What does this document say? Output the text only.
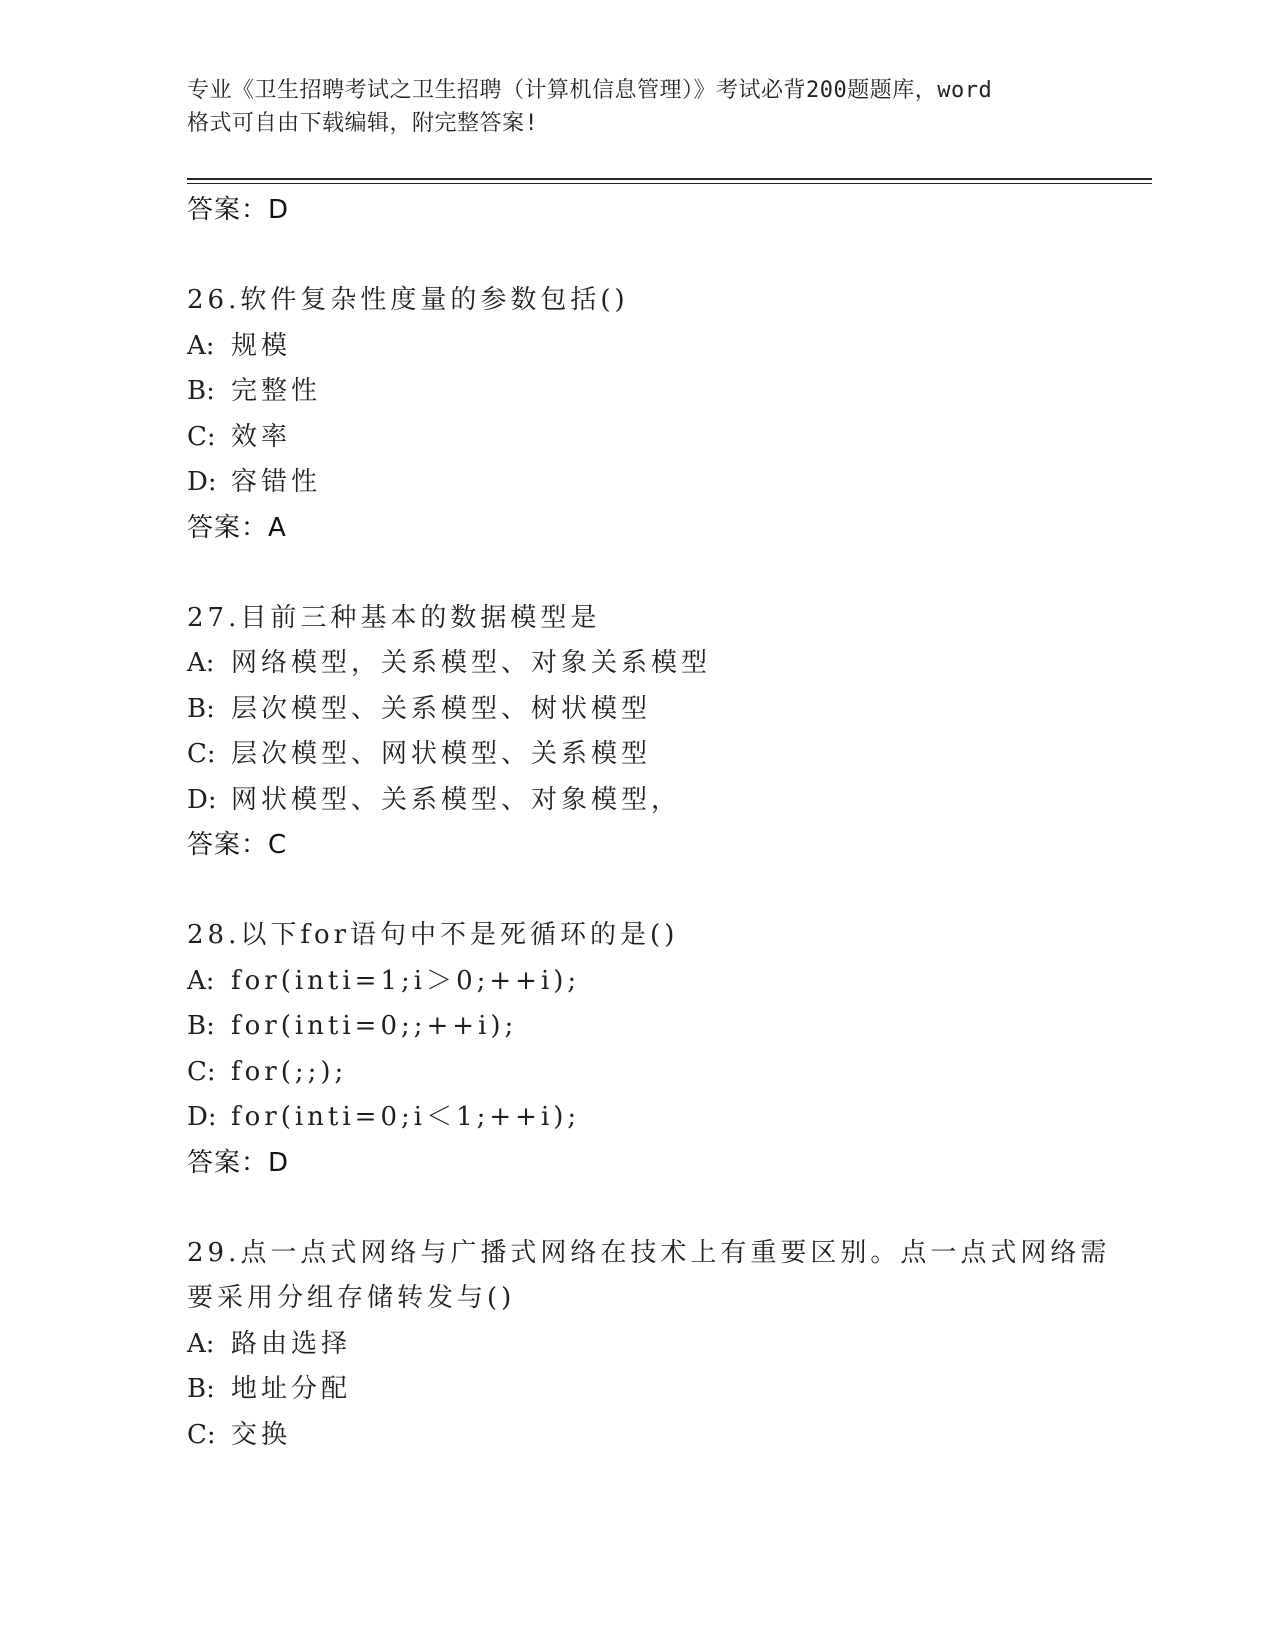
专业《卫生招聘考试之卫生招聘（计算机信息管理）》考试必背200题题库，word
格式可自由下载编辑，附完整答案!
答案：D
26.软件复杂性度量的参数包括()
A: 规模
B: 完整性
C: 效率
D: 容错性
答案：A
27.目前三种基本的数据模型是
A: 网络模型，关系模型、对象关系模型
B: 层次模型、关系模型、树状模型
C: 层次模型、网状模型、关系模型
D: 网状模型、关系模型、对象模型，
答案：C
28.以下for语句中不是死循环的是()
A: for(inti=1;i＞0;++i);
B: for(inti=0;;++i);
C: for(;;);
D: for(inti=0;i＜1;++i);
答案：D
29.点一点式网络与广播式网络在技术上有重要区别。点一点式网络需
要采用分组存储转发与()
A: 路由选择
B: 地址分配
C: 交换
